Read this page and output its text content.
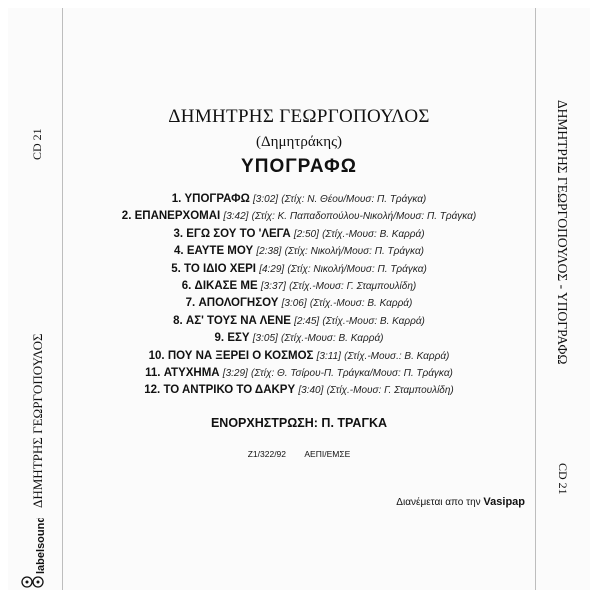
CD 21
ΔΗΜΗΤΡΗΣ ΓΕΩΡΓΟΠΟΥΛΟΣ
labelsound
ΔΗΜΗΤΡΗΣ ΓΕΩΡΓΟΠΟΥΛΟΣ
(Δημητράκης)
ΥΠΟΓΡΑΦΩ
1. ΥΠΟΓΡΑΦΩ [3:02] (Στίχ: Ν. Θέου/Μουσ: Π. Τράγκα)
2. ΕΠΑΝΕΡΧΟΜΑΙ [3:42] (Στίχ: Κ. Παπαδοπούλου-Νικολή/Μουσ: Π. Τράγκα)
3. ΕΓΩ ΣΟΥ ΤΟ 'ΛΕΓΑ [2:50] (Στίχ.-Μουσ: Β. Καρρά)
4. ΕΑΥΤΕ ΜΟΥ [2:38] (Στίχ: Νικολή/Μουσ: Π. Τράγκα)
5. ΤΟ ΙΔΙΟ ΧΕΡΙ [4:29] (Στίχ: Νικολή/Μουσ: Π. Τράγκα)
6. ΔΙΚΑΣΕ ΜΕ [3:37] (Στίχ.-Μουσ: Γ. Σταμπουλίδη)
7. ΑΠΟΛΟΓΗΣΟΥ [3:06] (Στίχ.-Μουσ: Β. Καρρά)
8. ΑΣ' ΤΟΥΣ ΝΑ ΛΕΝΕ [2:45] (Στίχ.-Μουσ: Β. Καρρά)
9. ΕΣΥ [3:05] (Στίχ.-Μουσ: Β. Καρρά)
10. ΠΟΥ ΝΑ ΞΕΡΕΙ Ο ΚΟΣΜΟΣ [3:11] (Στίχ.-Μουσ.: Β. Καρρά)
11. ΑΤΥΧΗΜΑ [3:29] (Στίχ: Θ. Τσίρου-Π. Τράγκα/Μουσ: Π. Τράγκα)
12. ΤΟ ΑΝΤΡΙΚΟ ΤΟ ΔΑΚΡΥ [3:40] (Στίχ.-Μουσ: Γ. Σταμπουλίδη)
ΕΝΟΡΧΗΣΤΡΩΣΗ: Π. ΤΡΑΓΚΑ
Ζ1/322/92 ΑΕΠΙ/ΕΜΣΕ
Διανέμεται απο την Vasipap
ΔΗΜΗΤΡΗΣ ΓΕΩΡΓΟΠΟΥΛΟΣ - ΥΠΟΓΡΑΦΩ
CD 21
